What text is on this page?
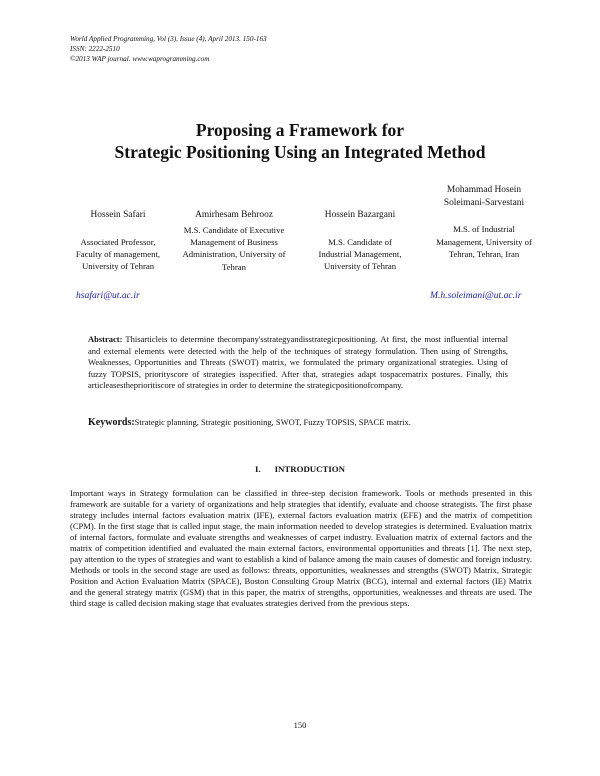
World Applied Programming, Vol (3), Issue (4), April 2013. 150-163
ISSN: 2222-2510
©2013 WAP journal. www.waprogramming.com
Proposing a Framework for
Strategic Positioning Using an Integrated Method
Hossein Safari
Associated Professor,
Faculty of management,
University of Tehran
Amirhesam Behrooz
M.S. Candidate of Executive
Management of Business
Administration, University of
Tehran
Hossein Bazargani
M.S. Candidate of
Industrial Management,
University of Tehran
Mohammad Hosein
Soleimani-Sarvestani
M.S. of Industrial
Management, University of
Tehran, Tehran, Iran
hsafari@ut.ac.ir	M.h.soleimani@ut.ac.ir
Abstract: Thisarticleis to determine thecompany'sstrategyandisstrategicpositioning. At first, the most influential internal and external elements were detected with the help of the techniques of strategy formulation. Then using of Strengths, Weaknesses, Opportunities and Threats (SWOT) matrix, we formulated the primary organizational strategies. Using of fuzzy TOPSIS, priorityscore of strategies isspecified. After that, strategies adapt tospacematrix postures. Finally, this articleasestheprioritiscore of strategies in order to determine the strategicpositionofcompany.
Keywords:Strategic planning, Strategic positioning, SWOT, Fuzzy TOPSIS, SPACE matrix.
I. INTRODUCTION
Important ways in Strategy formulation can be classified in three-step decision framework. Tools or methods presented in this framework are suitable for a variety of organizations and help strategies that identify, evaluate and choose strategists. The first phase strategy includes internal factors evaluation matrix (IFE), external factors evaluation matrix (EFE) and the matrix of competition (CPM). In the first stage that is called input stage, the main information needed to develop strategies is determined. Evaluation matrix of internal factors, formulate and evaluate strengths and weaknesses of carpet industry. Evaluation matrix of external factors and the matrix of competition identified and evaluated the main external factors, environmental opportunities and threats [1]. The next step, pay attention to the types of strategies and want to establish a kind of balance among the main causes of domestic and foreign industry. Methods or tools in the second stage are used as follows: threats, opportunities, weaknesses and strengths (SWOT) Matrix, Strategic Position and Action Evaluation Matrix (SPACE), Boston Consulting Group Matrix (BCG), internal and external factors (IE) Matrix and the general strategy matrix (GSM) that in this paper, the matrix of strengths, opportunities, weaknesses and threats are used. The third stage is called decision making stage that evaluates strategies derived from the previous steps.
150
